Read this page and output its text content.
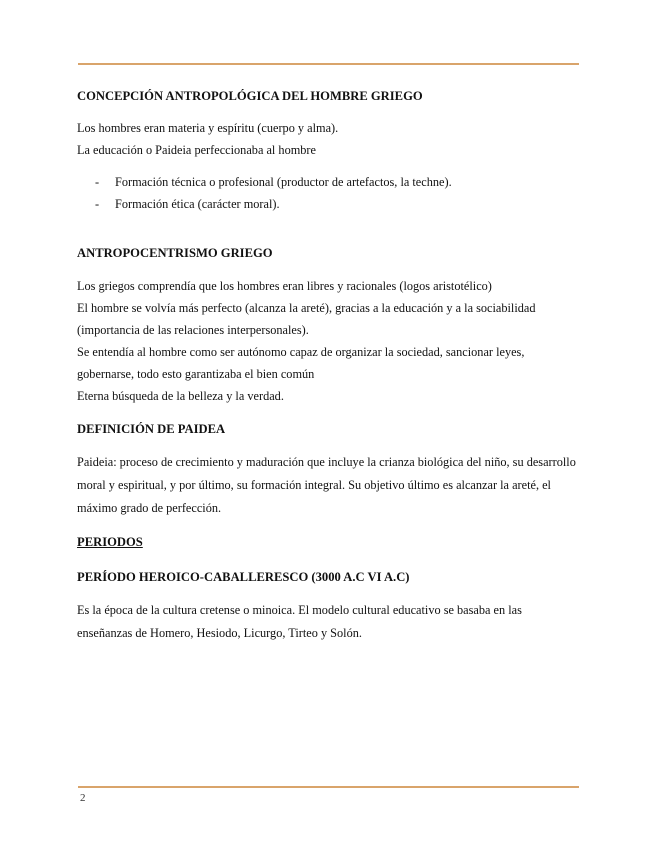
CONCEPCIÓN ANTROPOLÓGICA DEL HOMBRE GRIEGO

Los hombres eran materia y espíritu (cuerpo y alma).

La educación o Paideia perfeccionaba al hombre

- Formación técnica o profesional (productor de artefactos, la techne).
- Formación ética (carácter moral).
ANTROPOCENTRISMO GRIEGO

Los griegos comprendía que los hombres eran libres y racionales (logos aristotélico)

El hombre se volvía más perfecto (alcanza la areté), gracias a la educación y a la sociabilidad (importancia de las relaciones interpersonales).

Se entendía al hombre como ser autónomo capaz de organizar la sociedad, sancionar leyes, gobernarse, todo esto garantizaba el bien común

Eterna búsqueda de la belleza y la verdad.

DEFINICIÓN DE PAIDEA

Paideia: proceso de crecimiento y maduración que incluye la crianza biológica del niño, su desarrollo moral y espiritual, y por último, su formación integral. Su objetivo último es alcanzar la areté, el máximo grado de perfección.

PERIODOS
PERÍODO HEROICO-CABALLERESCO (3000 A.C VI A.C)

Es la época de la cultura cretense o minoica. El modelo cultural educativo se basaba en las enseñanzas de Homero, Hesiodo, Licurgo, Tirteo y Solón.

2
